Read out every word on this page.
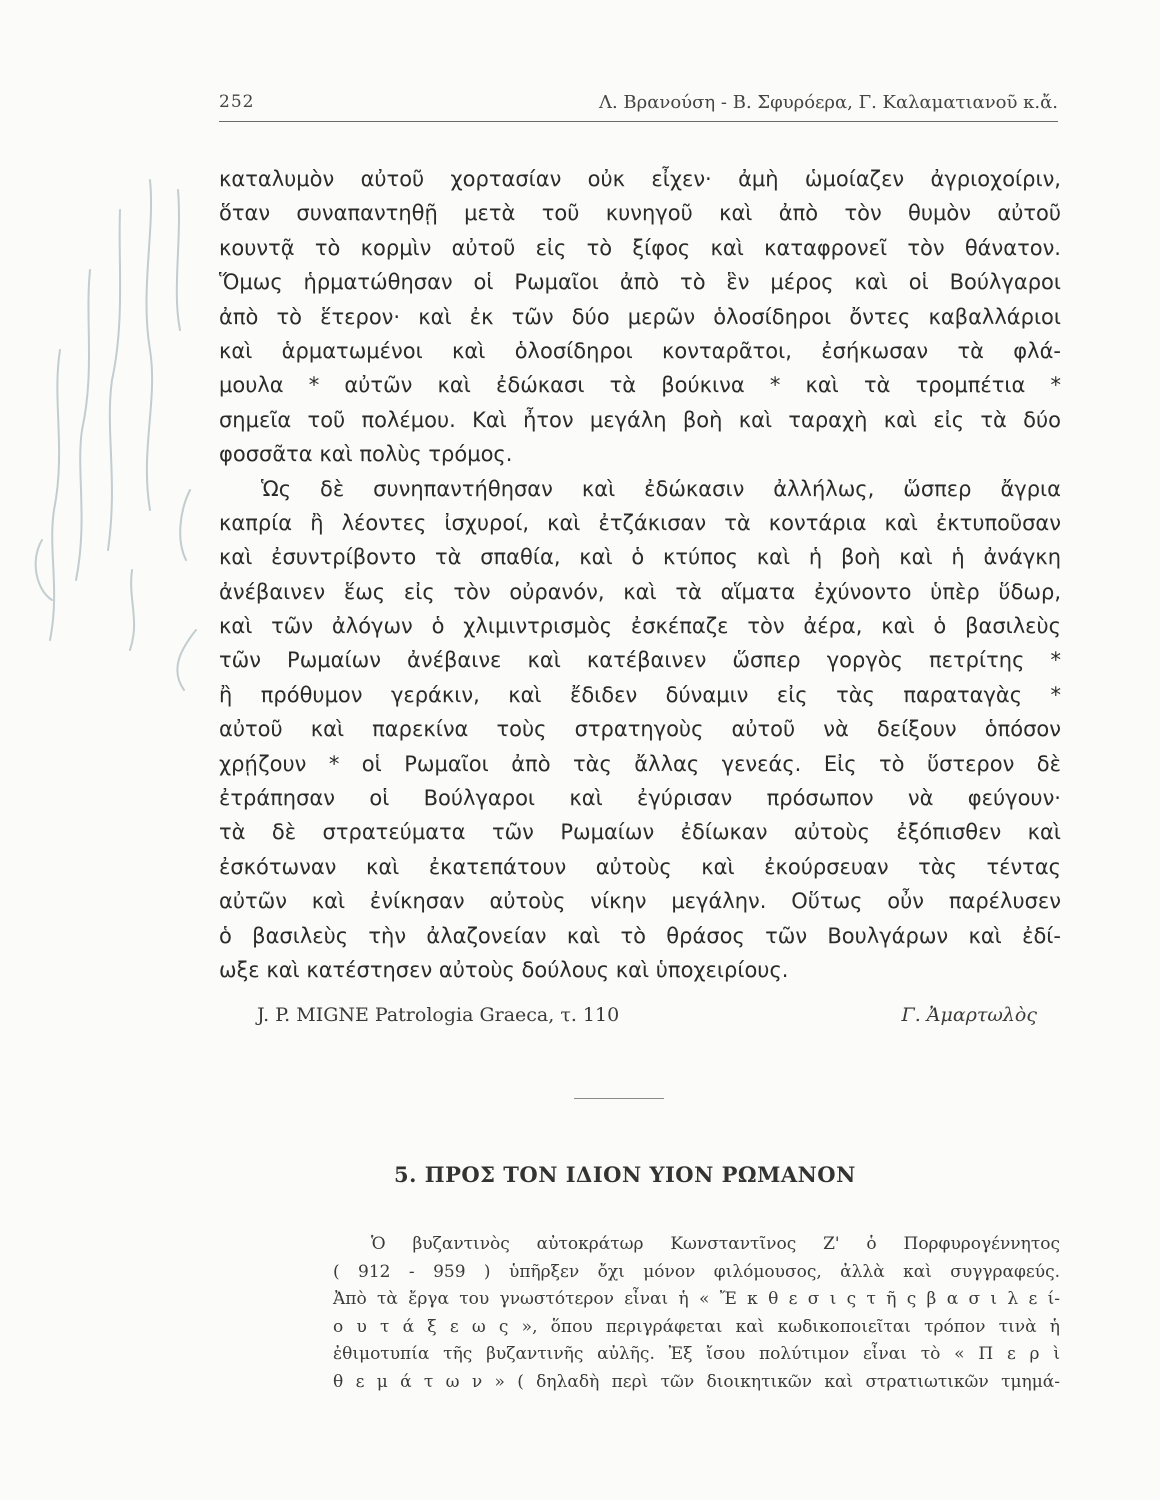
252	Λ. Βρανούση - Β. Σφυρόερα, Γ. Καλαματιανοῦ κ.ἄ.
καταλυμὸν αὐτοῦ χορτασίαν οὐκ εἶχεν· ἀμὴ ὡμοίαζεν ἀγριοχοίριν,
ὅταν συναπαντηθῇ μετὰ τοῦ κυνηγοῦ καὶ ἀπὸ τὸν θυμὸν αὐτοῦ
κουντᾷ τὸ κορμὶν αὐτοῦ εἰς τὸ ξίφος καὶ καταφρονεῖ τὸν θάνατον.
Ὅμως ἡρματώθησαν οἱ Ρωμαῖοι ἀπὸ τὸ ἓν μέρος καὶ οἱ Βούλγαροι
ἀπὸ τὸ ἕτερον· καὶ ἐκ τῶν δύο μερῶν ὁλοσίδηροι ὄντες καβαλλάριοι
καὶ ἁρματωμένοι καὶ ὁλοσίδηροι κονταρᾶτοι, ἐσήκωσαν τὰ φλά-
μουλα * αὐτῶν καὶ ἐδώκασι τὰ βούκινα * καὶ τὰ τρομπέτια *
σημεῖα τοῦ πολέμου. Καὶ ἦτον μεγάλη βοὴ καὶ ταραχὴ καὶ εἰς τὰ δύο
φοσσᾶτα καὶ πολὺς τρόμος.
Ὡς δὲ συνηπαντήθησαν καὶ ἐδώκασιν ἀλλήλως, ὥσπερ ἄγρια
καπρία ἢ λέοντες ἰσχυροί, καὶ ἐτζάκισαν τὰ κοντάρια καὶ ἐκτυποῦσαν
καὶ ἐσυντρίβοντο τὰ σπαθία, καὶ ὁ κτύπος καὶ ἡ βοὴ καὶ ἡ ἀνάγκη
ἀνέβαινεν ἕως εἰς τὸν οὐρανόν, καὶ τὰ αἵματα ἐχύνοντο ὑπὲρ ὕδωρ,
καὶ τῶν ἀλόγων ὁ χλιμιντρισμὸς ἐσκέπαζε τὸν ἀέρα, καὶ ὁ βασιλεὺς
τῶν Ρωμαίων ἀνέβαινε καὶ κατέβαινεν ὥσπερ γοργὸς πετρίτης *
ἢ πρόθυμον γεράκιν, καὶ ἔδιδεν δύναμιν εἰς τὰς παραταγὰς *
αὐτοῦ καὶ παρεκίνα τοὺς στρατηγοὺς αὐτοῦ νὰ δείξουν ὁπόσον
χρῄζουν * οἱ Ρωμαῖοι ἀπὸ τὰς ἄλλας γενεάς. Εἰς τὸ ὕστερον δὲ
ἐτράπησαν οἱ Βούλγαροι καὶ ἐγύρισαν πρόσωπον νὰ φεύγουν·
τὰ δὲ στρατεύματα τῶν Ρωμαίων ἐδίωκαν αὐτοὺς ἐξόπισθεν καὶ
ἐσκότωναν καὶ ἐκατεπάτουν αὐτοὺς καὶ ἐκούρσευαν τὰς τέντας
αὐτῶν καὶ ἐνίκησαν αὐτοὺς νίκην μεγάλην. Οὕτως οὖν παρέλυσεν
ὁ βασιλεὺς τὴν ἀλαζονείαν καὶ τὸ θράσος τῶν Βουλγάρων καὶ ἐδί-
ωξε καὶ κατέστησεν αὐτοὺς δούλους καὶ ὑποχειρίους.
J. P. MIGNE Patrologia Graeca, τ. 110	Γ. Ἀμαρτωλὸς
5. ΠΡΟΣ ΤΟΝ ΙΔΙΟΝ ΥΙΟΝ ΡΩΜΑΝΟΝ
Ὁ βυζαντινὸς αὐτοκράτωρ Κωνσταντῖνος Ζ' ὁ Πορφυρογέννητος
( 912 - 959 ) ὑπῆρξεν ὄχι μόνον φιλόμουσος, ἀλλὰ καὶ συγγραφεύς.
Ἀπὸ τὰ ἔργα του γνωστότερον εἶναι ἡ « Ἔ κ θ ε σ ι ς τ ῆ ς β α σ ι λ ε ί-
ο υ τ ά ξ ε ω ς », ὅπου περιγράφεται καὶ κωδικοποιεῖται τρόπον τινὰ ἡ
ἐθιμοτυπία τῆς βυζαντινῆς αὐλῆς. Ἐξ ἴσου πολύτιμον εἶναι τὸ « Π ε ρ ὶ
θ ε μ ά τ ω ν » ( δηλαδὴ περὶ τῶν διοικητικῶν καὶ στρατιωτικῶν τμημά-
